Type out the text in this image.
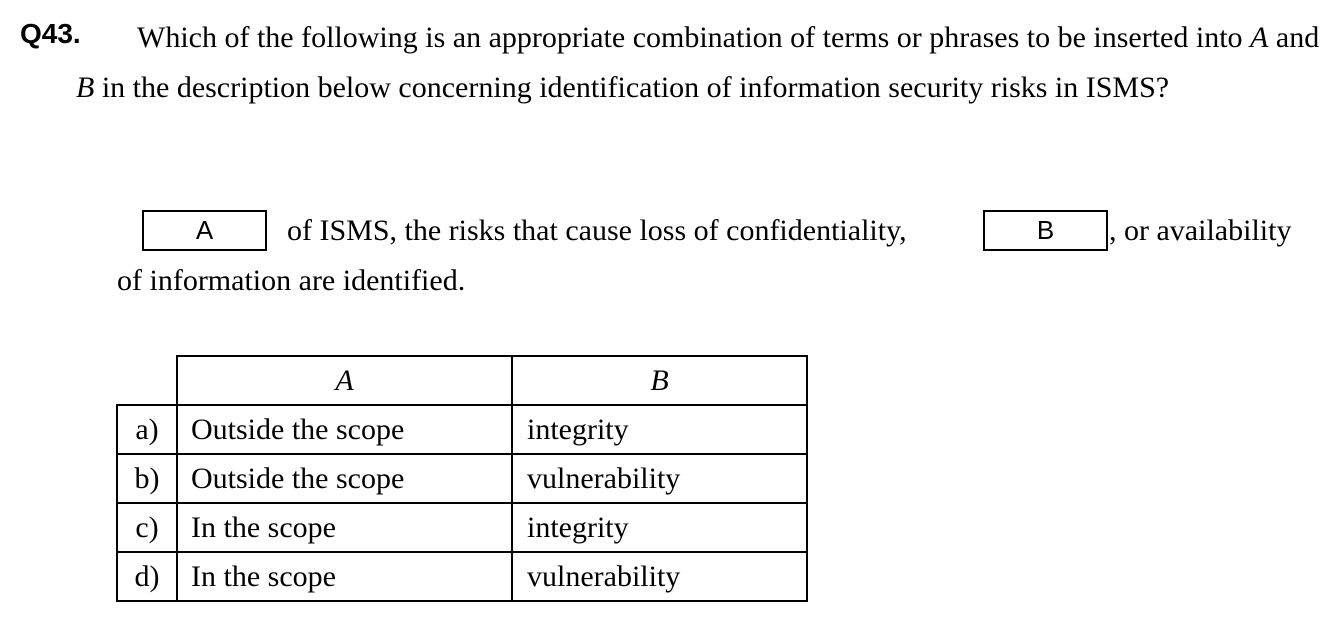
Q43.	Which of the following is an appropriate combination of terms or phrases to be inserted into A and B in the description below concerning identification of information security risks in ISMS?
A	of ISMS, the risks that cause loss of confidentiality,	B	, or availability
of information are identified.
	A	B
a)	Outside the scope	integrity
b)	Outside the scope	vulnerability
c)	In the scope	integrity
d)	In the scope	vulnerability
